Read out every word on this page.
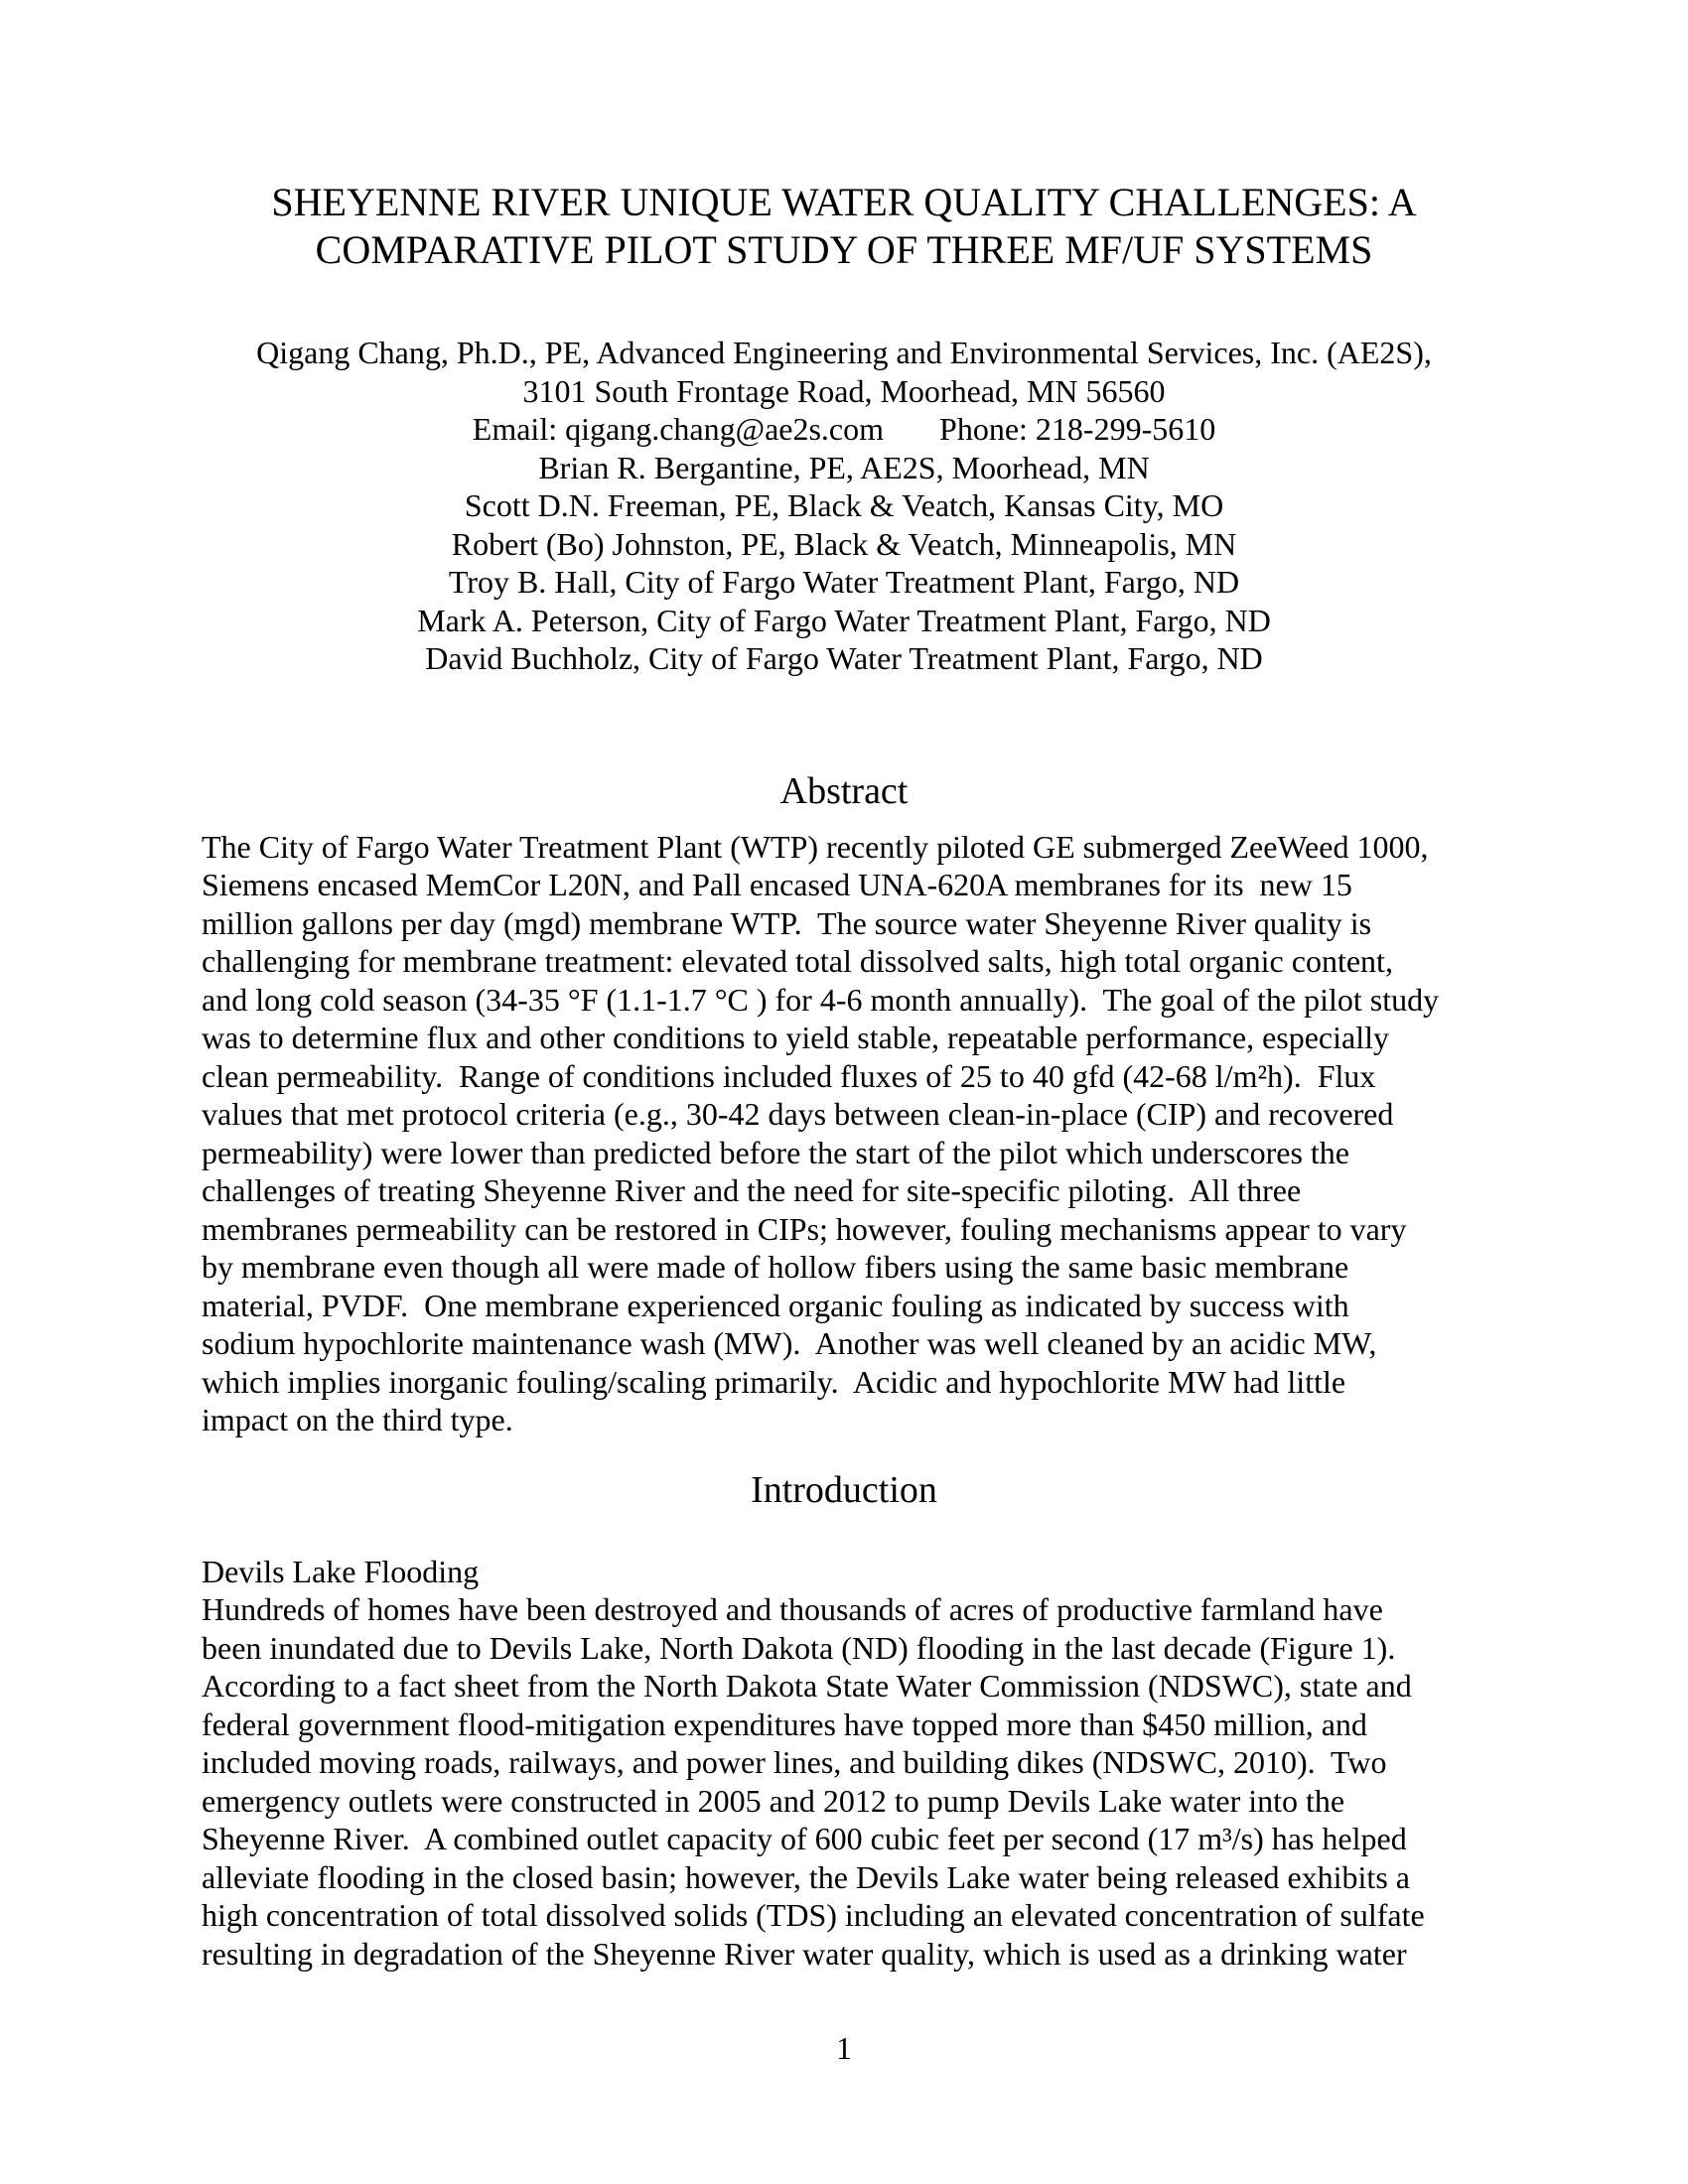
SHEYENNE RIVER UNIQUE WATER QUALITY CHALLENGES: A
COMPARATIVE PILOT STUDY OF THREE MF/UF SYSTEMS
Qigang Chang, Ph.D., PE, Advanced Engineering and Environmental Services, Inc. (AE2S),
3101 South Frontage Road, Moorhead, MN 56560
Email: qigang.chang@ae2s.com       Phone: 218-299-5610
Brian R. Bergantine, PE, AE2S, Moorhead, MN
Scott D.N. Freeman, PE, Black & Veatch, Kansas City, MO
Robert (Bo) Johnston, PE, Black & Veatch, Minneapolis, MN
Troy B. Hall, City of Fargo Water Treatment Plant, Fargo, ND
Mark A. Peterson, City of Fargo Water Treatment Plant, Fargo, ND
David Buchholz, City of Fargo Water Treatment Plant, Fargo, ND
Abstract
The City of Fargo Water Treatment Plant (WTP) recently piloted GE submerged ZeeWeed 1000,
Siemens encased MemCor L20N, and Pall encased UNA-620A membranes for its  new 15
million gallons per day (mgd) membrane WTP.  The source water Sheyenne River quality is
challenging for membrane treatment: elevated total dissolved salts, high total organic content,
and long cold season (34-35 °F (1.1-1.7 °C ) for 4-6 month annually).  The goal of the pilot study
was to determine flux and other conditions to yield stable, repeatable performance, especially
clean permeability.  Range of conditions included fluxes of 25 to 40 gfd (42-68 l/m²h).  Flux
values that met protocol criteria (e.g., 30-42 days between clean-in-place (CIP) and recovered
permeability) were lower than predicted before the start of the pilot which underscores the
challenges of treating Sheyenne River and the need for site-specific piloting.  All three
membranes permeability can be restored in CIPs; however, fouling mechanisms appear to vary
by membrane even though all were made of hollow fibers using the same basic membrane
material, PVDF.  One membrane experienced organic fouling as indicated by success with
sodium hypochlorite maintenance wash (MW).  Another was well cleaned by an acidic MW,
which implies inorganic fouling/scaling primarily.  Acidic and hypochlorite MW had little
impact on the third type.
Introduction
Devils Lake Flooding
Hundreds of homes have been destroyed and thousands of acres of productive farmland have
been inundated due to Devils Lake, North Dakota (ND) flooding in the last decade (Figure 1).
According to a fact sheet from the North Dakota State Water Commission (NDSWC), state and
federal government flood-mitigation expenditures have topped more than $450 million, and
included moving roads, railways, and power lines, and building dikes (NDSWC, 2010).  Two
emergency outlets were constructed in 2005 and 2012 to pump Devils Lake water into the
Sheyenne River.  A combined outlet capacity of 600 cubic feet per second (17 m³/s) has helped
alleviate flooding in the closed basin; however, the Devils Lake water being released exhibits a
high concentration of total dissolved solids (TDS) including an elevated concentration of sulfate
resulting in degradation of the Sheyenne River water quality, which is used as a drinking water
1
